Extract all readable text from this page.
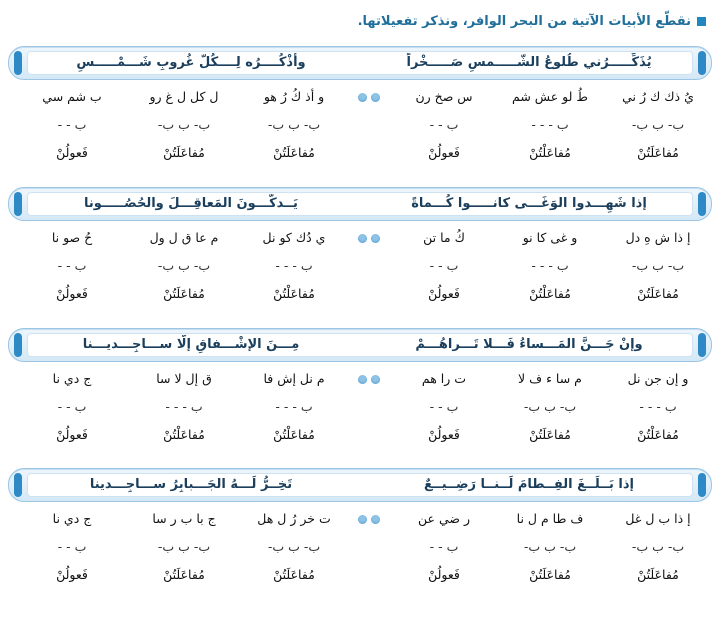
نقطّع الأبيات الآتية من البحر الوافر، ونذكر تفعيلاتها.
يُذَكِّـــــرُني طُلوعُ الشّـــــمسِ صَـــــخْراً
وأذْكُــــرُه لِــــكُلّ غُروبِ شَـــمْـــــسِ
يُ ذك ك رُ ني
طُ لو عش شم
س صخ رن
و أذ كُ رُ هو
ل كل ل غ رو
ب شم سي
ب- ب ب-
ب - - -
ب - -
ب- ب ب-
ب- ب ب-
ب - -
مُفاعَلَتُنْ
مُفاعَلْتُنْ
فَعولُنْ
مُفاعَلَتُنْ
مُفاعَلَتُنْ
فَعولُنْ
إذا شَهِـــدوا الوَغَـــى كانـــــوا كُـــماةً
يَــدكُّـــونَ المَعاقِـــلَ والحُصُـــــونا
إ ذا ش هِ دل
و غى كا نو
كُ ما تن
ي دُك كو نل
م عا ق ل ول
حُ صو نا
ب- ب ب-
ب - - -
ب - -
ب - - -
ب- ب ب-
ب - -
مُفاعَلَتُنْ
مُفاعَلْتُنْ
فَعولُنْ
مُفاعَلْتُنْ
مُفاعَلَتُنْ
فَعولُنْ
وإنْ جَـــنَّ المَـــساءُ فَـــلا تَـــراهُـــمْ
مِـــنَ الإشْـــفاقِ إلّا ســـاجِـــديـــنا
و إن جن نل
م سا ء ف لا
ت را هم
م نل إش فا
ق إل لا سا
ج دي نا
ب - - -
ب- ب ب-
ب - -
ب - - -
ب - - -
ب - -
مُفاعَلْتُنْ
مُفاعَلَتُنْ
فَعولُنْ
مُفاعَلْتُنْ
مُفاعَلْتُنْ
فَعولُنْ
إذا بَــلَــغَ الفِــطامَ لَــنــا رَضِــيــعٌ
تَخِــرُّ لَـــهُ الجَـــبابِرُ ســـاجِـــدينا
إ ذا ب ل غل
ف طا م ل نا
ر ضي عن
ت خر رُ ل هل
ج با ب ر سا
ج دي نا
ب- ب ب-
ب- ب ب-
ب - -
ب- ب ب-
ب- ب ب-
ب - -
مُفاعَلَتُنْ
مُفاعَلَتُنْ
فَعولُنْ
مُفاعَلَتُنْ
مُفاعَلَتُنْ
فَعولُنْ
